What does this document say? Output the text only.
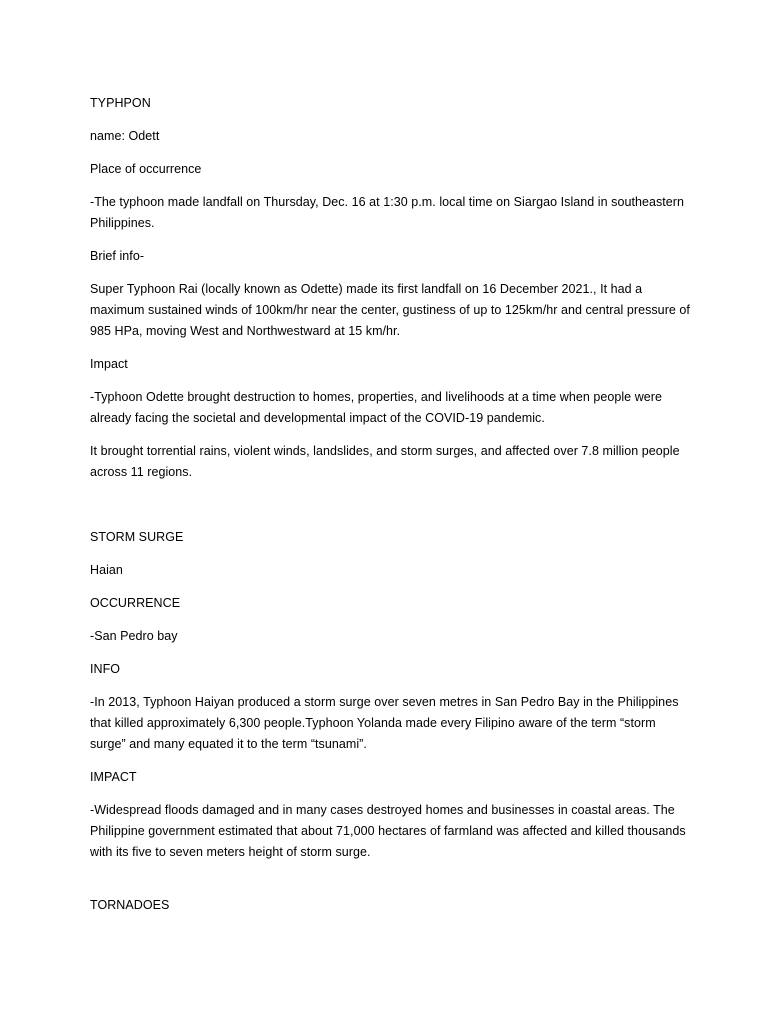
TYPHPON

name: Odett

Place of occurrence

-The typhoon made landfall on Thursday, Dec. 16 at 1:30 p.m. local time on Siargao Island in southeastern Philippines.

Brief info-

Super Typhoon Rai (locally known as Odette) made its first landfall on 16 December 2021., It had a maximum sustained winds of 100km/hr near the center, gustiness of up to 125km/hr and central pressure of 985 HPa, moving West and Northwestward at 15 km/hr.

Impact

-Typhoon Odette brought destruction to homes, properties, and livelihoods at a time when people were already facing the societal and developmental impact of the COVID-19 pandemic.

It brought torrential rains, violent winds, landslides, and storm surges, and affected over 7.8 million people across 11 regions.

STORM SURGE

Haian

OCCURRENCE

-San Pedro bay

INFO

-In 2013, Typhoon Haiyan produced a storm surge over seven metres in San Pedro Bay in the Philippines that killed approximately 6,300 people.Typhoon Yolanda made every Filipino aware of the term “storm surge” and many equated it to the term “tsunami”.

IMPACT

-Widespread floods damaged and in many cases destroyed homes and businesses in coastal areas. The Philippine government estimated that about 71,000 hectares of farmland was affected and killed thousands with its five to seven meters height of storm surge.

TORNADOES
